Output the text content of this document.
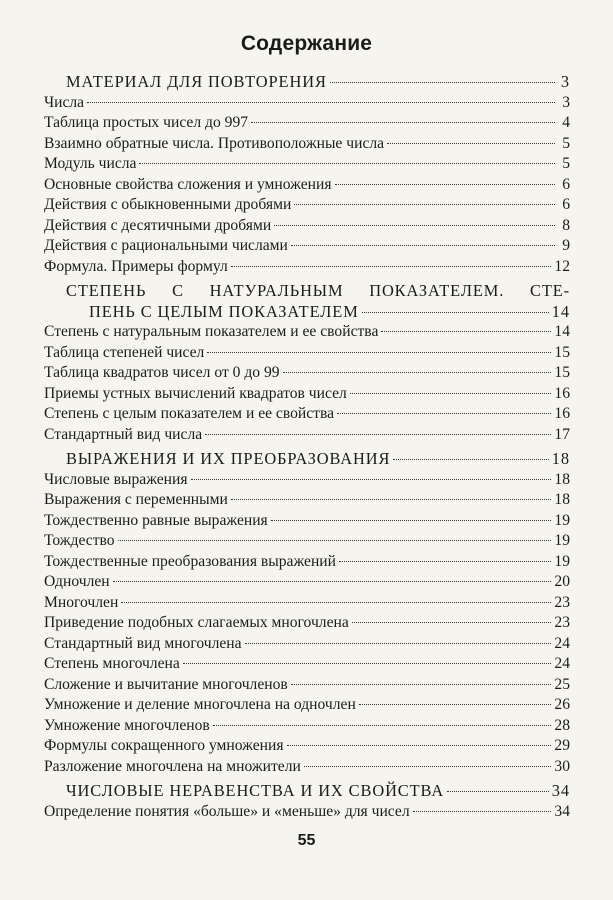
Содержание
МАТЕРИАЛ ДЛЯ ПОВТОРЕНИЯ	3
Числа	3
Таблица простых чисел до 997	4
Взаимно обратные числа. Противоположные числа	5
Модуль числа	5
Основные свойства сложения и умножения	6
Действия с обыкновенными дробями	6
Действия с десятичными дробями	8
Действия с рациональными числами	9
Формула. Примеры формул	12
СТЕПЕНЬ С НАТУРАЛЬНЫМ ПОКАЗАТЕЛЕМ. СТЕ-
ПЕНЬ С ЦЕЛЫМ ПОКАЗАТЕЛЕМ	14
Степень с натуральным показателем и ее свойства	14
Таблица степеней чисел	15
Таблица квадратов чисел от 0 до 99	15
Приемы устных вычислений квадратов чисел	16
Степень с целым показателем и ее свойства	16
Стандартный вид числа	17
ВЫРАЖЕНИЯ И ИХ ПРЕОБРАЗОВАНИЯ	18
Числовые выражения	18
Выражения с переменными	18
Тождественно равные выражения	19
Тождество	19
Тождественные преобразования выражений	19
Одночлен	20
Многочлен	23
Приведение подобных слагаемых многочлена	23
Стандартный вид многочлена	24
Степень многочлена	24
Сложение и вычитание многочленов	25
Умножение и деление многочлена на одночлен	26
Умножение многочленов	28
Формулы сокращенного умножения	29
Разложение многочлена на множители	30
ЧИСЛОВЫЕ НЕРАВЕНСТВА И ИХ СВОЙСТВА	34
Определение понятия «больше» и «меньше» для чисел	34
55
